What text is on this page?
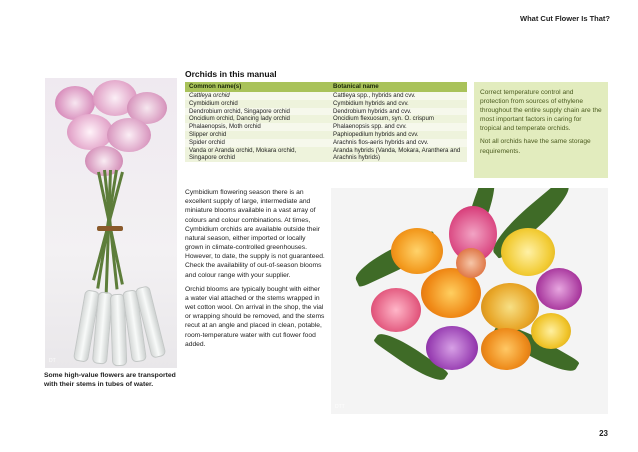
What Cut Flower Is That?
DT
Some high-value flowers are transported with their stems in tubes of water.
Orchids in this manual
Common name(s)	Botanical name
Cattleya orchid	Cattleya spp., hybrids and cvv.
Cymbidium orchid	Cymbidium hybrids and cvv.
Dendrobium orchid, Singapore orchid	Dendrobium hybrids and cvv.
Oncidium orchid, Dancing lady orchid	Oncidium flexuosum, syn. O. crispum
Phalaenopsis, Moth orchid	Phalaenopsis spp. and cvv.
Slipper orchid	Paphiopedilum hybrids and cvv.
Spider orchid	Arachnis flos-aeris hybrids and cvv.
Vanda or Aranda orchid, Mokara orchid, Singapore orchid	Aranda hybrids (Vanda, Mokara, Aranthera and Arachnis hybrids)

Correct temperature control and protection from sources of ethylene throughout the entire supply chain are the most important factors in caring for tropical and temperate orchids.

Not all orchids have the same storage requirements.

Cymbidium flowering season there is an excellent supply of large, intermediate and miniature blooms available in a vast array of colours and colour combinations. At times, Cymbidium orchids are available outside their natural season, either imported or locally grown in climate-controlled greenhouses. However, to date, the supply is not guaranteed. Check the availability of out-of-season blooms and colour range with your supplier.

Orchid blooms are typically bought with either a water vial attached or the stems wrapped in wet cotton wool. On arrival in the shop, the vial or wrapping should be removed, and the stems recut at an angle and placed in clean, potable, room-temperature water with cut flower food added.

DTT
23
